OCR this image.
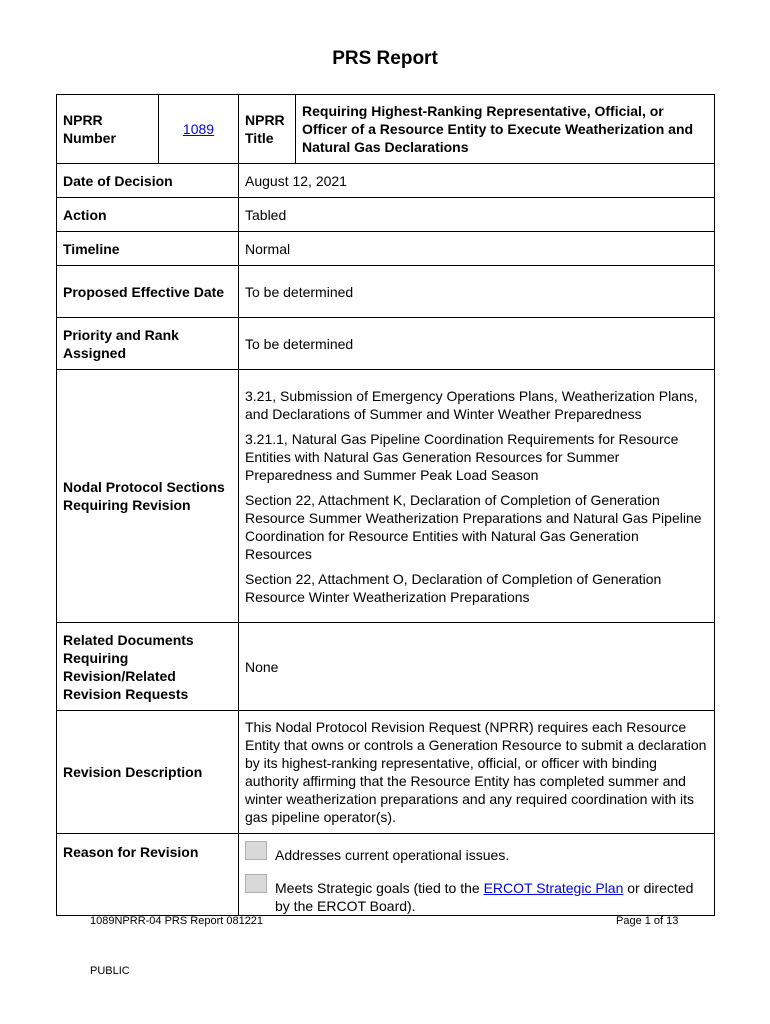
PRS Report
NPRR Number	1089	NPRR Title	Requiring Highest-Ranking Representative, Official, or Officer of a Resource Entity to Execute Weatherization and Natural Gas Declarations
Date of Decision		August 12, 2021	
Action		Tabled	
Timeline		Normal	
Proposed Effective Date		To be determined	
Priority and Rank Assigned		To be determined	
Nodal Protocol Sections Requiring Revision		3.21, Submission of Emergency Operations Plans, Weatherization Plans, and Declarations of Summer and Winter Weather Preparedness

3.21.1, Natural Gas Pipeline Coordination Requirements for Resource Entities with Natural Gas Generation Resources for Summer Preparedness and Summer Peak Load Season

Section 22, Attachment K, Declaration of Completion of Generation Resource Summer Weatherization Preparations and Natural Gas Pipeline Coordination for Resource Entities with Natural Gas Generation Resources

Section 22, Attachment O, Declaration of Completion of Generation Resource Winter Weatherization Preparations	

Related Documents Requiring Revision/Related Revision Requests		None	
Revision Description		This Nodal Protocol Revision Request (NPRR) requires each Resource Entity that owns or controls a Generation Resource to submit a declaration by its highest-ranking representative, official, or officer with binding authority affirming that the Resource Entity has completed summer and winter weatherization preparations and any required coordination with its gas pipeline operator(s).	
Reason for Revision		Addresses current operational issues.
Meets Strategic goals (tied to the ERCOT Strategic Plan or directed by the ERCOT Board).	
1089NPRR-04 PRS Report 081221	Page 1 of 13
PUBLIC
